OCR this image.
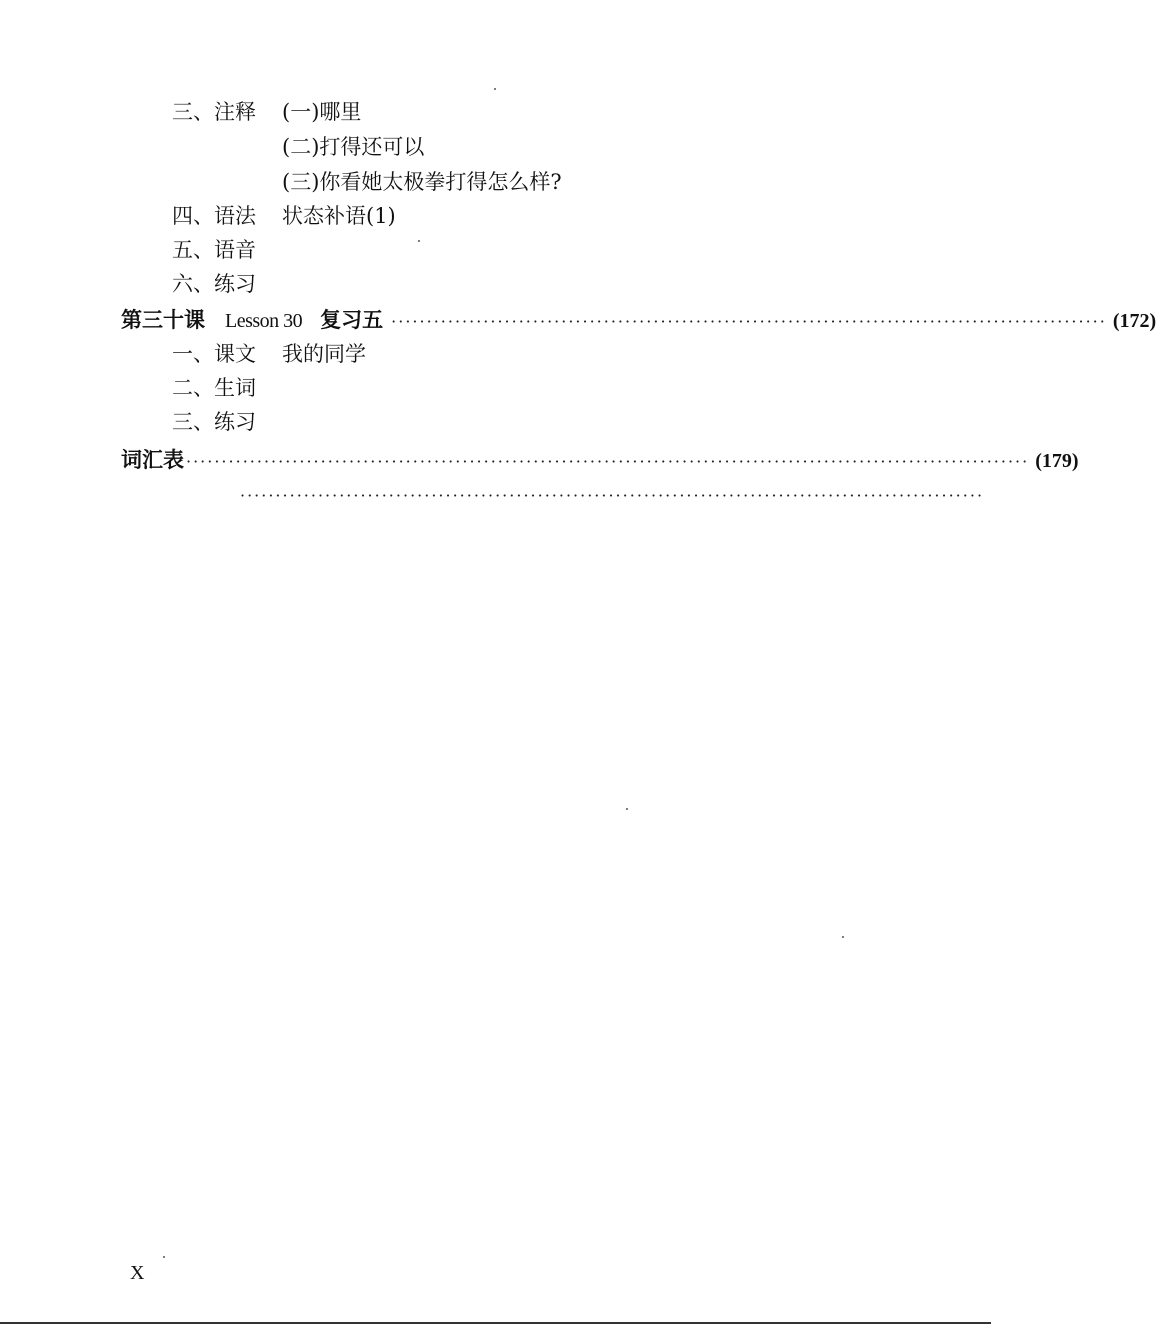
三、注释 (一)哪里
(二)打得还可以
(三)你看她太极拳打得怎么样?
四、语法 状态补语(1)
五、语音
六、练习
第三十课 Lesson 30 复习五 ····································································································· (172)
一、课文 我的同学
二、生词
三、练习
词汇表 ······················································································································· (179)
·········································································································
X
